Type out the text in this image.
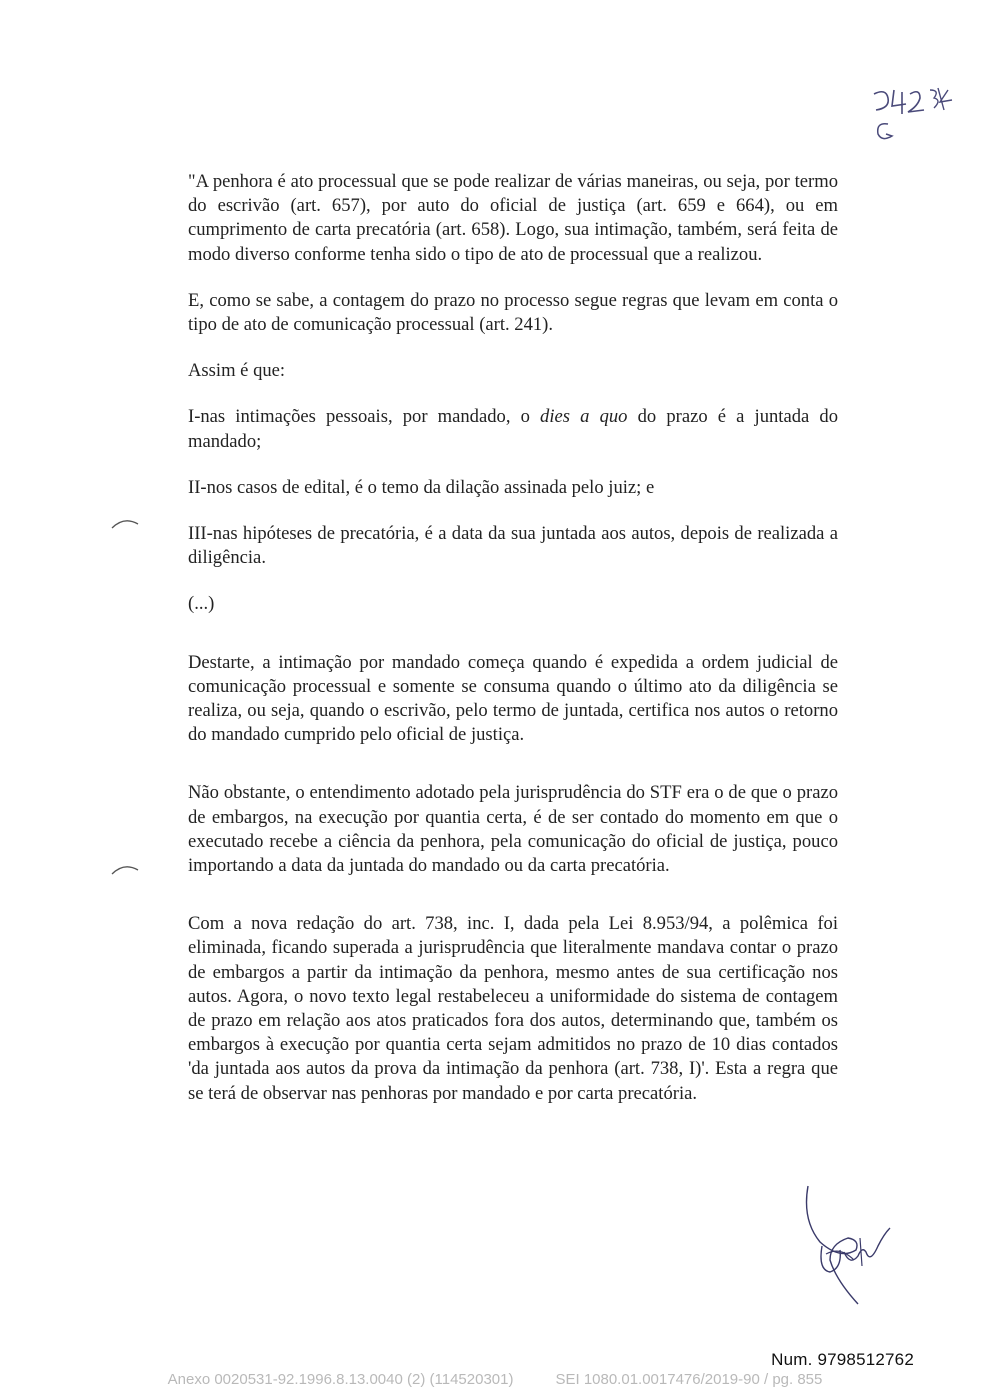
"A penhora é ato processual que se pode realizar de várias maneiras, ou seja, por termo do escrivão (art. 657), por auto do oficial de justiça (art. 659 e 664), ou em cumprimento de carta precatória (art. 658). Logo, sua intimação, também, será feita de modo diverso conforme tenha sido o tipo de ato de processual que a realizou.

E, como se sabe, a contagem do prazo no processo segue regras que levam em conta o tipo de ato de comunicação processual (art. 241).

Assim é que:

I-nas intimações pessoais, por mandado, o dies a quo do prazo é a juntada do mandado;

II-nos casos de edital, é o temo da dilação assinada pelo juiz; e

III-nas hipóteses de precatória, é a data da sua juntada aos autos, depois de realizada a diligência.

(...)

Destarte, a intimação por mandado começa quando é expedida a ordem judicial de comunicação processual e somente se consuma quando o último ato da diligência se realiza, ou seja, quando o escrivão, pelo termo de juntada, certifica nos autos o retorno do mandado cumprido pelo oficial de justiça.

Não obstante, o entendimento adotado pela jurisprudência do STF era o de que o prazo de embargos, na execução por quantia certa, é de ser contado do momento em que o executado recebe a ciência da penhora, pela comunicação do oficial de justiça, pouco importando a data da juntada do mandado ou da carta precatória.

Com a nova redação do art. 738, inc. I, dada pela Lei 8.953/94, a polêmica foi eliminada, ficando superada a jurisprudência que literalmente mandava contar o prazo de embargos a partir da intimação da penhora, mesmo antes de sua certificação nos autos. Agora, o novo texto legal restabeleceu a uniformidade do sistema de contagem de prazo em relação aos atos praticados fora dos autos, determinando que, também os embargos à execução por quantia certa sejam admitidos no prazo de 10 dias contados 'da juntada aos autos da prova da intimação da penhora (art. 738, I)'. Esta a regra que se terá de observar nas penhoras por mandado e por carta precatória.

Num. 9798512762
Anexo 0020531-92.1996.8.13.0040 (2) (114520301)	SEI 1080.01.0017476/2019-90 / pg. 855
